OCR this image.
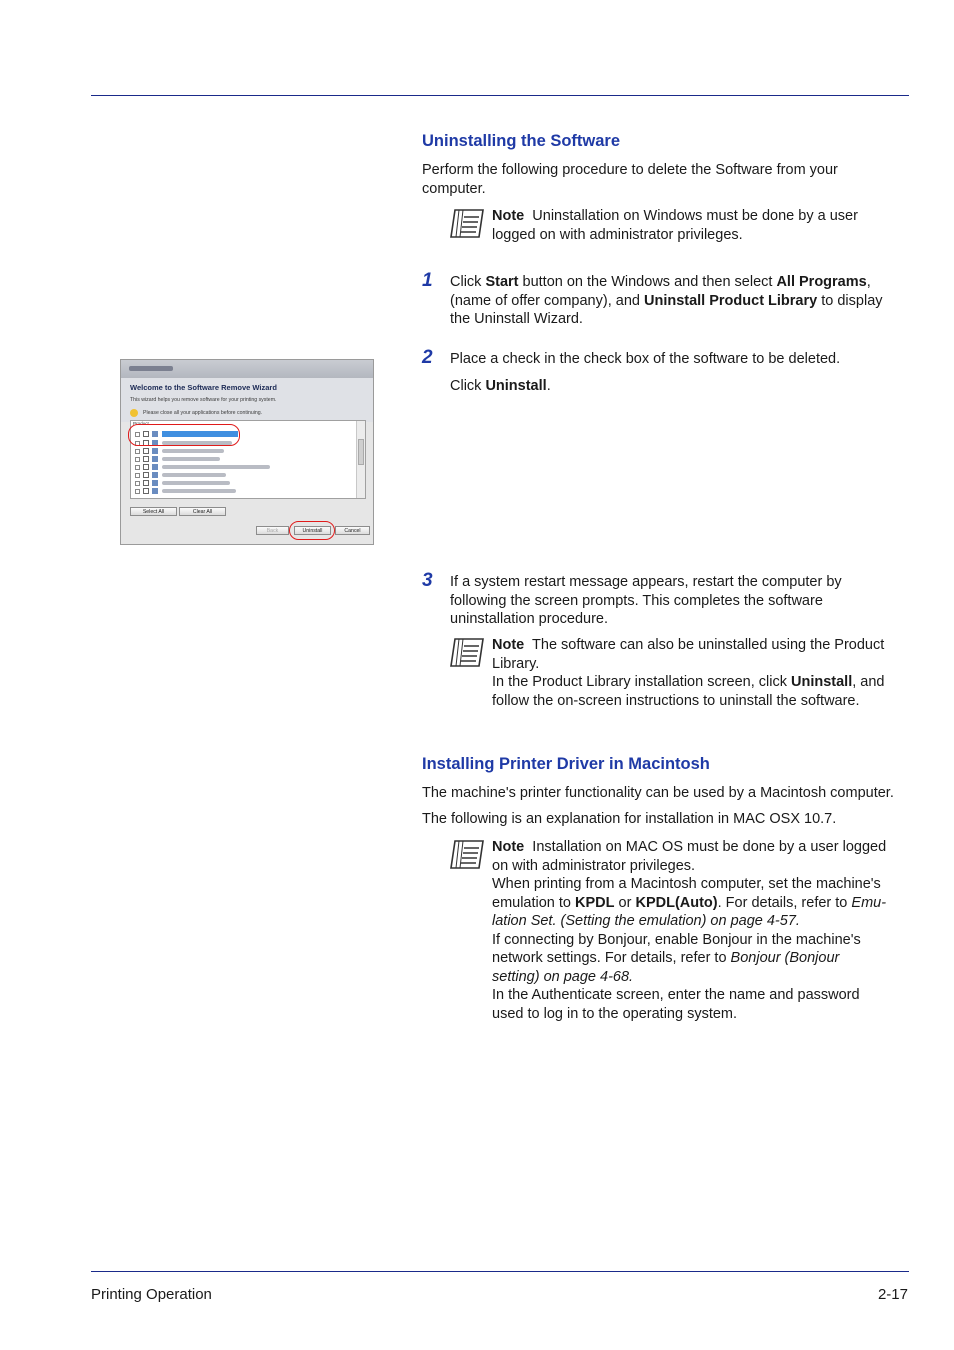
Uninstalling the Software
Perform the following procedure to delete the Software from your
computer.
Note Uninstallation on Windows must be done by a user
logged on with administrator privileges.
1 Click Start button on the Windows and then select All Programs,
(name of offer company), and Uninstall Product Library to display
the Uninstall Wizard.
2 Place a check in the check box of the software to be deleted.
Click Uninstall.
Welcome to the Software Remove Wizard
This wizard helps you remove software for your printing system.
Please close all your applications before continuing.
Product
Select All	Clear All
Back	Uninstall	Cancel
3 If a system restart message appears, restart the computer by
following the screen prompts. This completes the software
uninstallation procedure.
Note The software can also be uninstalled using the Product
Library.
In the Product Library installation screen, click Uninstall, and
follow the on-screen instructions to uninstall the software.
Installing Printer Driver in Macintosh
The machine's printer functionality can be used by a Macintosh computer.
The following is an explanation for installation in MAC OSX 10.7.
Note Installation on MAC OS must be done by a user logged
on with administrator privileges.
When printing from a Macintosh computer, set the machine's
emulation to KPDL or KPDL(Auto). For details, refer to Emu-
lation Set. (Setting the emulation) on page 4-57.
If connecting by Bonjour, enable Bonjour in the machine's
network settings. For details, refer to Bonjour (Bonjour
setting) on page 4-68.
In the Authenticate screen, enter the name and password
used to log in to the operating system.
Printing Operation	2-17
